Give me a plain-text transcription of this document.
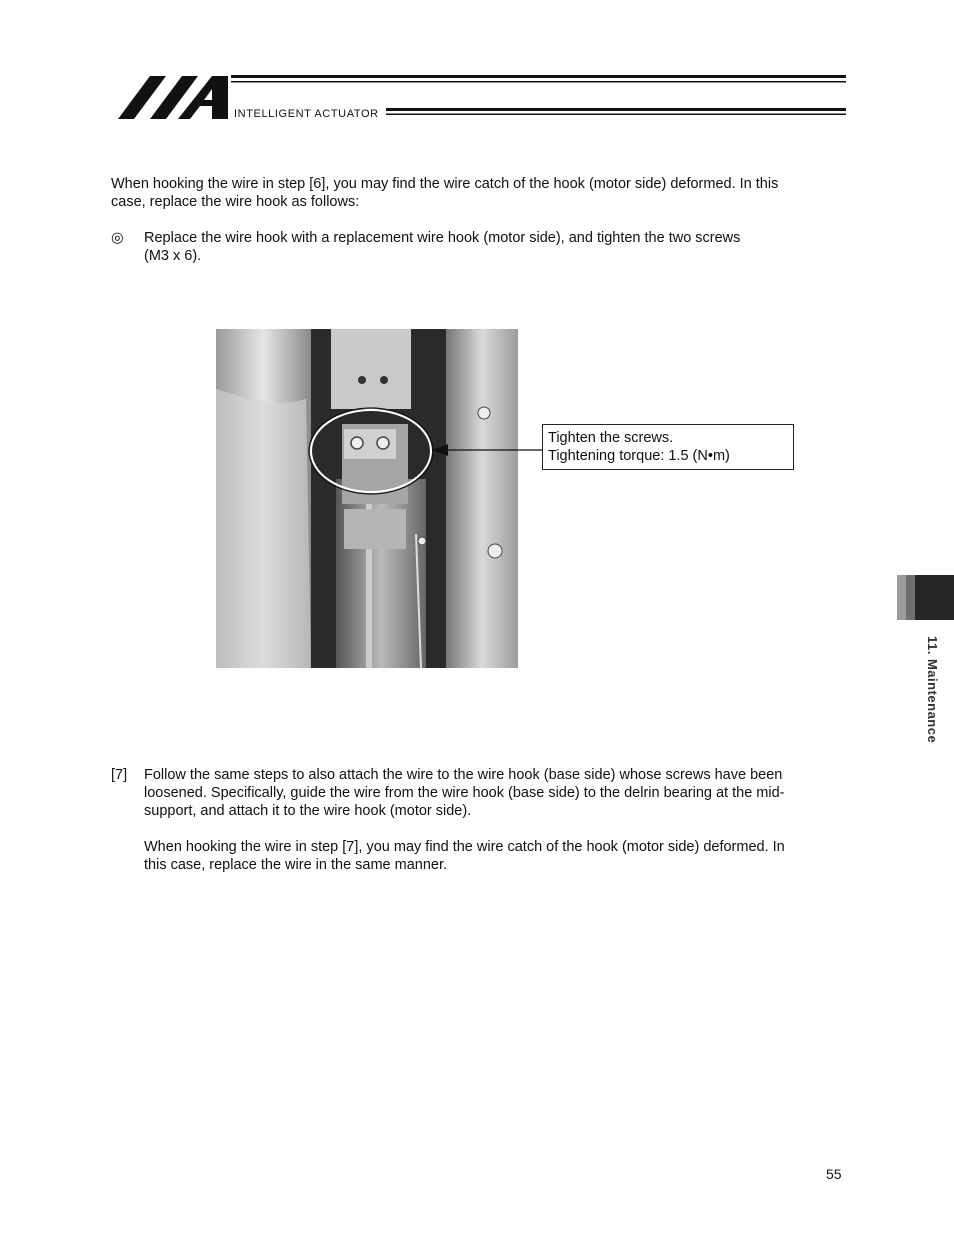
INTELLIGENT ACTUATOR
When hooking the wire in step [6], you may find the wire catch of the hook (motor side) deformed. In this
case, replace the wire hook as follows:
◎ Replace the wire hook with a replacement wire hook (motor side), and tighten the two screws
(M3 x 6).
Tighten the screws.
Tightening torque: 1.5 (N•m)
11. Maintenance
[7] Follow the same steps to also attach the wire to the wire hook (base side) whose screws have been
loosened. Specifically, guide the wire from the wire hook (base side) to the delrin bearing at the mid-
support, and attach it to the wire hook (motor side).
When hooking the wire in step [7], you may find the wire catch of the hook (motor side) deformed. In
this case, replace the wire in the same manner.
55
